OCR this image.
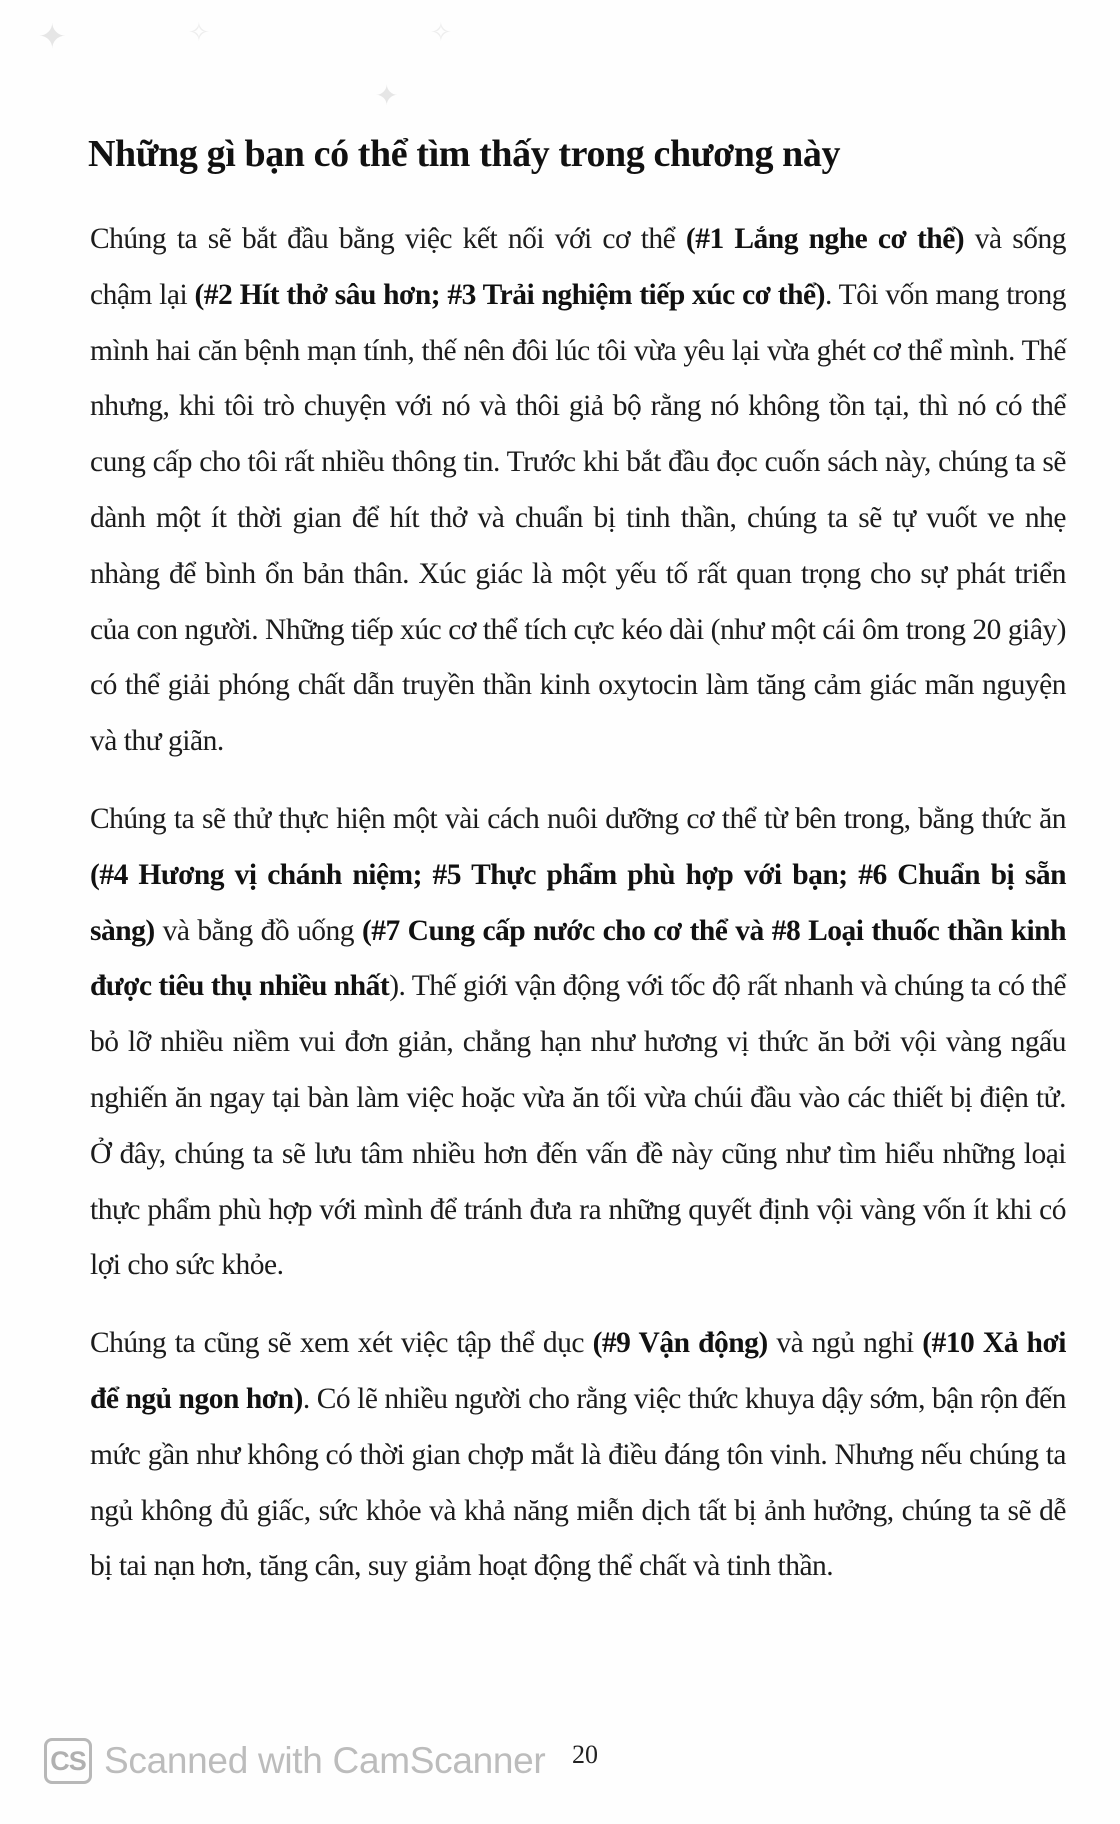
✦	✧	✧
✦
Những gì bạn có thể tìm thấy trong chương này

Chúng ta sẽ bắt đầu bằng việc kết nối với cơ thể (#1 Lắng nghe cơ thể) và sống chậm lại (#2 Hít thở sâu hơn; #3 Trải nghiệm tiếp xúc cơ thể). Tôi vốn mang trong mình hai căn bệnh mạn tính, thế nên đôi lúc tôi vừa yêu lại vừa ghét cơ thể mình. Thế nhưng, khi tôi trò chuyện với nó và thôi giả bộ rằng nó không tồn tại, thì nó có thể cung cấp cho tôi rất nhiều thông tin. Trước khi bắt đầu đọc cuốn sách này, chúng ta sẽ dành một ít thời gian để hít thở và chuẩn bị tinh thần, chúng ta sẽ tự vuốt ve nhẹ nhàng để bình ổn bản thân. Xúc giác là một yếu tố rất quan trọng cho sự phát triển của con người. Những tiếp xúc cơ thể tích cực kéo dài (như một cái ôm trong 20 giây) có thể giải phóng chất dẫn truyền thần kinh oxytocin làm tăng cảm giác mãn nguyện và thư giãn.

Chúng ta sẽ thử thực hiện một vài cách nuôi dưỡng cơ thể từ bên trong, bằng thức ăn (#4 Hương vị chánh niệm; #5 Thực phẩm phù hợp với bạn; #6 Chuẩn bị sẵn sàng) và bằng đồ uống (#7 Cung cấp nước cho cơ thể và #8 Loại thuốc thần kinh được tiêu thụ nhiều nhất). Thế giới vận động với tốc độ rất nhanh và chúng ta có thể bỏ lỡ nhiều niềm vui đơn giản, chẳng hạn như hương vị thức ăn bởi vội vàng ngấu nghiến ăn ngay tại bàn làm việc hoặc vừa ăn tối vừa chúi đầu vào các thiết bị điện tử. Ở đây, chúng ta sẽ lưu tâm nhiều hơn đến vấn đề này cũng như tìm hiểu những loại thực phẩm phù hợp với mình để tránh đưa ra những quyết định vội vàng vốn ít khi có lợi cho sức khỏe.

Chúng ta cũng sẽ xem xét việc tập thể dục (#9 Vận động) và ngủ nghỉ (#10 Xả hơi để ngủ ngon hơn). Có lẽ nhiều người cho rằng việc thức khuya dậy sớm, bận rộn đến mức gần như không có thời gian chợp mắt là điều đáng tôn vinh. Nhưng nếu chúng ta ngủ không đủ giấc, sức khỏe và khả năng miễn dịch tất bị ảnh hưởng, chúng ta sẽ dễ bị tai nạn hơn, tăng cân, suy giảm hoạt động thể chất và tinh thần.

20
CS Scanned with CamScanner
